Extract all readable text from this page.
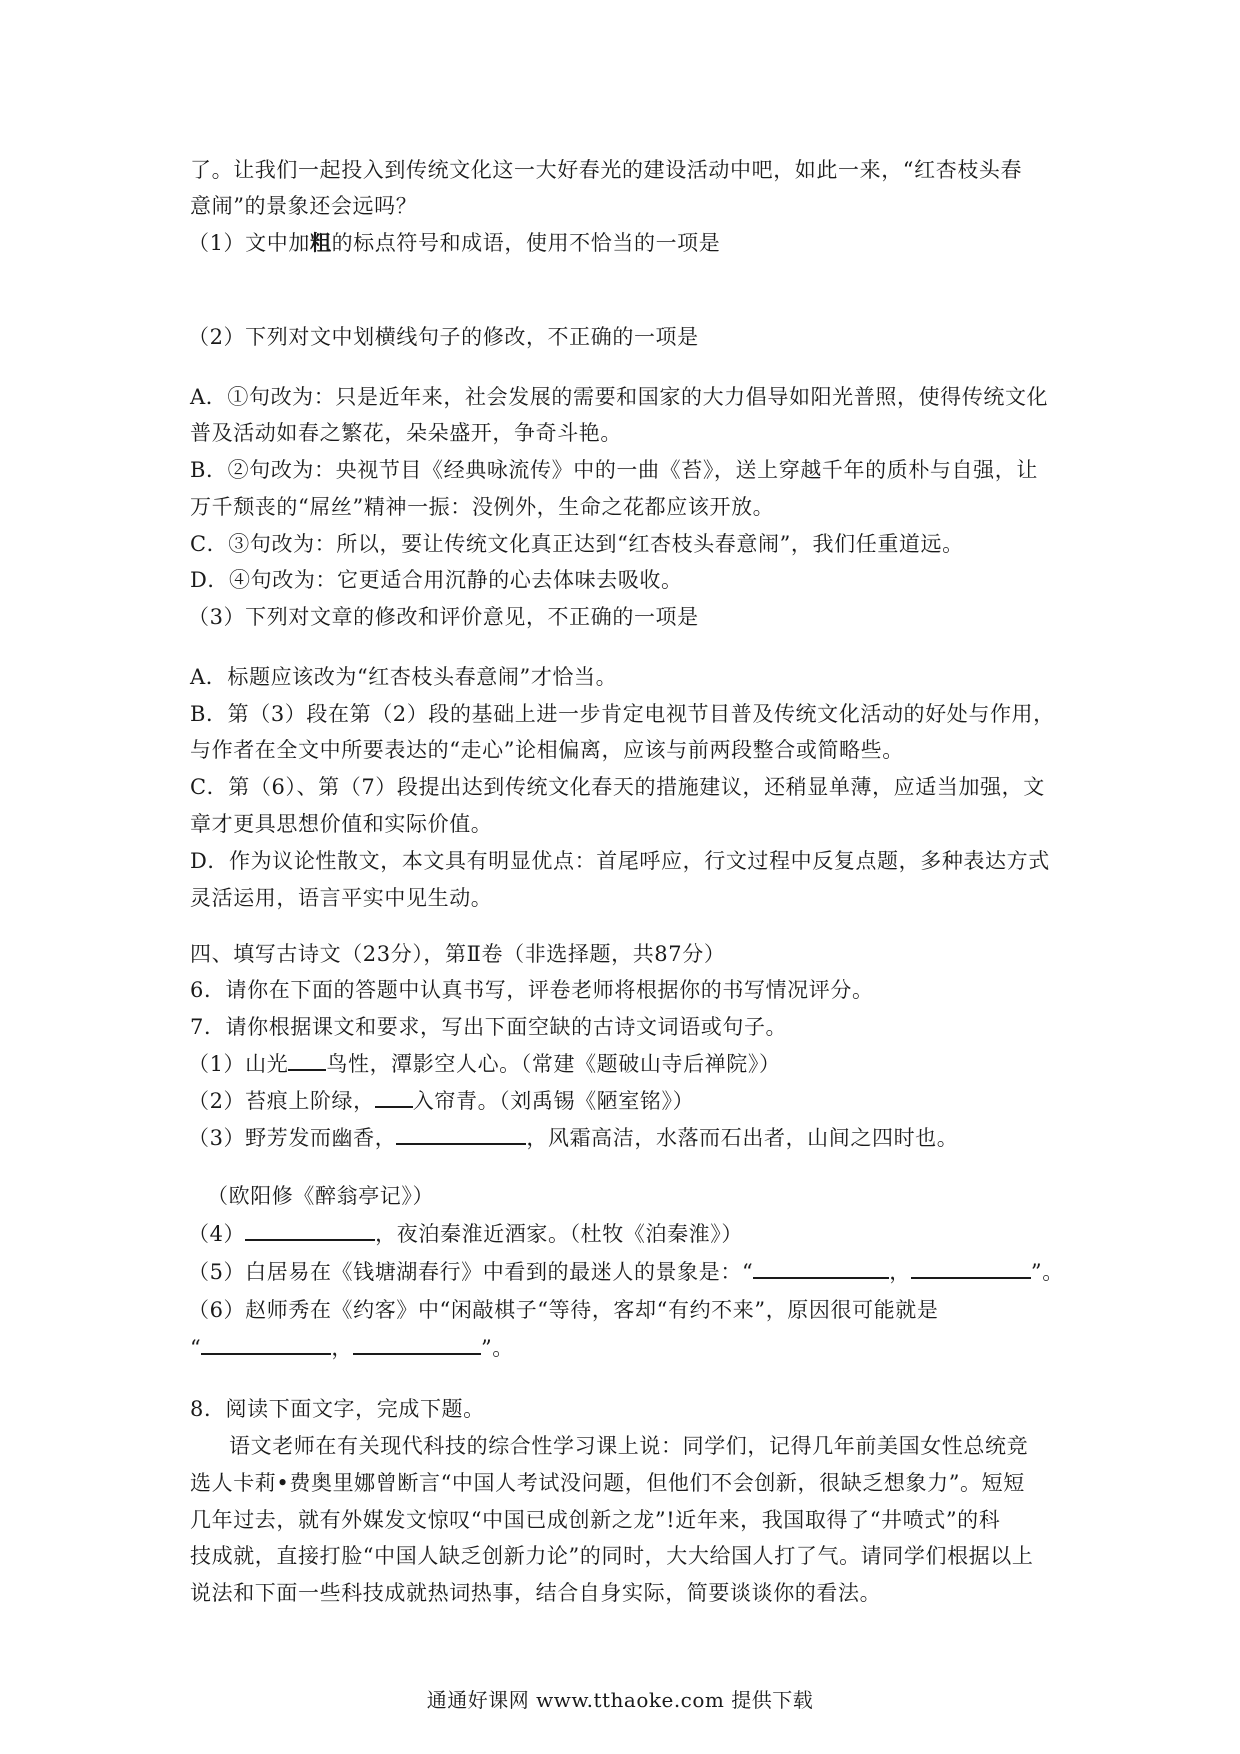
了。让我们一起投入到传统文化这一大好春光的建设活动中吧，如此一来，“红杏枝头春
意闹”的景象还会远吗？
（1）文中加粗的标点符号和成语，使用不恰当的一项是
（2）下列对文中划横线句子的修改，不正确的一项是
A．①句改为：只是近年来，社会发展的需要和国家的大力倡导如阳光普照，使得传统文化
普及活动如春之繁花，朵朵盛开，争奇斗艳。
B．②句改为：央视节目《经典咏流传》中的一曲《苔》，送上穿越千年的质朴与自强，让
万千颓丧的“屌丝”精神一振：没例外，生命之花都应该开放。
C．③句改为：所以，要让传统文化真正达到“红杏枝头春意闹”，我们任重道远。
D．④句改为：它更适合用沉静的心去体味去吸收。
（3）下列对文章的修改和评价意见，不正确的一项是
A．标题应该改为“红杏枝头春意闹”才恰当。
B．第（3）段在第（2）段的基础上进一步肯定电视节目普及传统文化活动的好处与作用，
与作者在全文中所要表达的“走心”论相偏离，应该与前两段整合或简略些。
C．第（6）、第（7）段提出达到传统文化春天的措施建议，还稍显单薄，应适当加强，文
章才更具思想价值和实际价值。
D．作为议论性散文，本文具有明显优点：首尾呼应，行文过程中反复点题，多种表达方式
灵活运用，语言平实中见生动。
四、填写古诗文（23分），第Ⅱ卷（非选择题，共87分）
6．请你在下面的答题中认真书写，评卷老师将根据你的书写情况评分。
7．请你根据课文和要求，写出下面空缺的古诗文词语或句子。
（1）山光 鸟性，潭影空人心。（常建《题破山寺后禅院》）
（2）苔痕上阶绿， 入帘青。（刘禹锡《陋室铭》）
（3）野芳发而幽香，	，风霜高洁，水落而石出者，山间之四时也。
（欧阳修《醉翁亭记》）
（4）	，夜泊秦淮近酒家。（杜牧《泊秦淮》）
（5）白居易在《钱塘湖春行》中看到的最迷人的景象是：“	，	”。
（6）赵师秀在《约客》中“闲敲棋子“等待，客却“有约不来”，原因很可能就是
“	，	”。
8．阅读下面文字，完成下题。
语文老师在有关现代科技的综合性学习课上说：同学们，记得几年前美国女性总统竞
选人卡莉•费奥里娜曾断言“中国人考试没问题，但他们不会创新，很缺乏想象力”。短短
几年过去，就有外媒发文惊叹“中国已成创新之龙”!近年来，我国取得了“井喷式”的科
技成就，直接打脸“中国人缺乏创新力论”的同时，大大给国人打了气。请同学们根据以上
说法和下面一些科技成就热词热事，结合自身实际，简要谈谈你的看法。
通通好课网 www.tthaoke.com 提供下载
